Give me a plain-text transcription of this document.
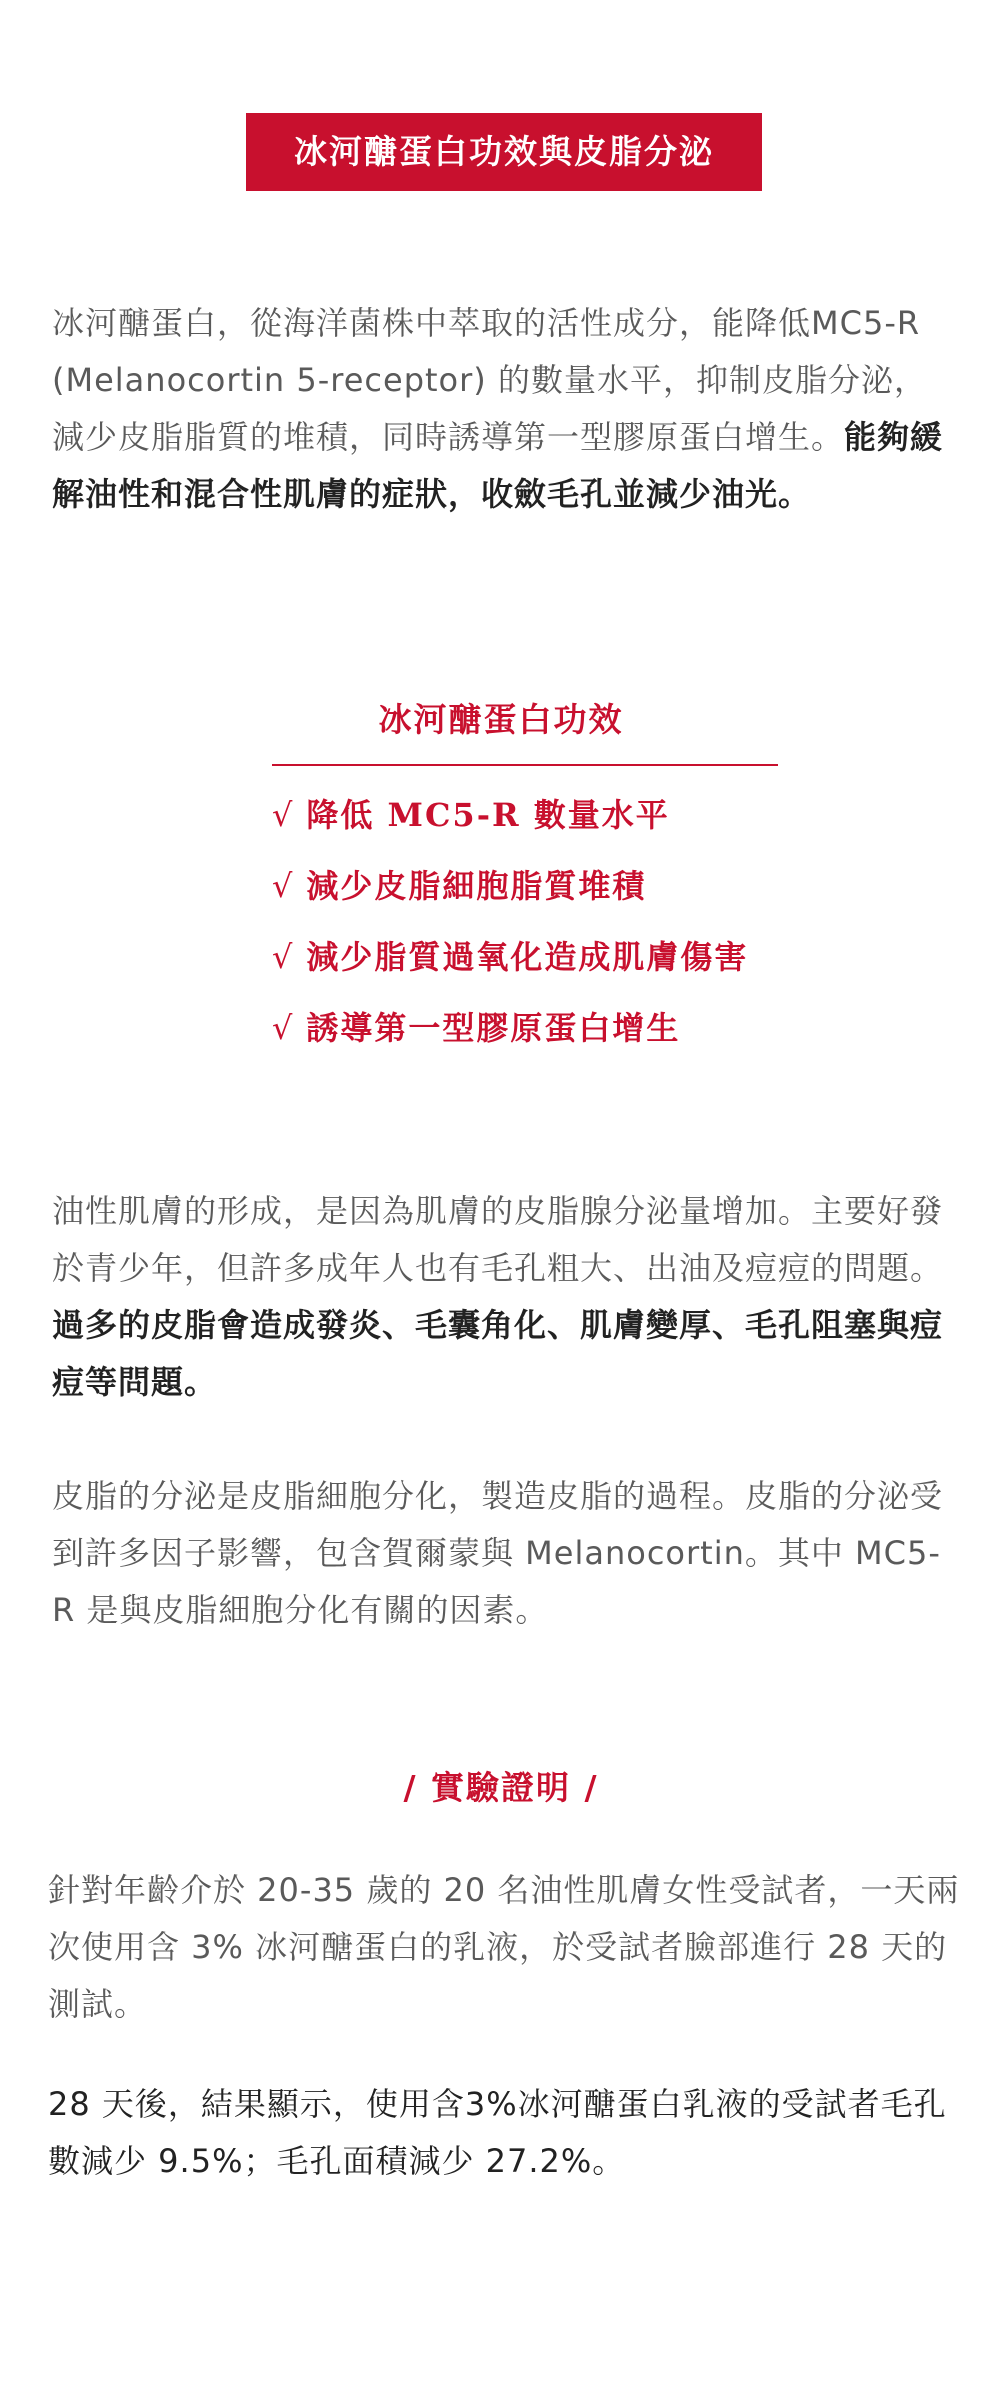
冰河醣蛋白功效與皮脂分泌
冰河醣蛋白，從海洋菌株中萃取的活性成分，能降低MC5-R (Melanocortin 5-receptor) 的數量水平，抑制皮脂分泌，減少皮脂脂質的堆積，同時誘導第一型膠原蛋白增生。能夠緩解油性和混合性肌膚的症狀，收斂毛孔並減少油光。
冰河醣蛋白功效
√ 降低 MC5-R 數量水平
√ 減少皮脂細胞脂質堆積
√ 減少脂質過氧化造成肌膚傷害
√ 誘導第一型膠原蛋白增生
油性肌膚的形成，是因為肌膚的皮脂腺分泌量增加。主要好發於青少年，但許多成年人也有毛孔粗大、出油及痘痘的問題。過多的皮脂會造成發炎、毛囊角化、肌膚變厚、毛孔阻塞與痘痘等問題。
皮脂的分泌是皮脂細胞分化，製造皮脂的過程。皮脂的分泌受到許多因子影響，包含賀爾蒙與 Melanocortin。其中 MC5-R 是與皮脂細胞分化有關的因素。
/ 實驗證明 /
針對年齡介於 20-35 歲的 20 名油性肌膚女性受試者，一天兩次使用含 3% 冰河醣蛋白的乳液，於受試者臉部進行 28 天的測試。
28 天後，結果顯示，使用含3%冰河醣蛋白乳液的受試者毛孔數減少 9.5%；毛孔面積減少 27.2%。
